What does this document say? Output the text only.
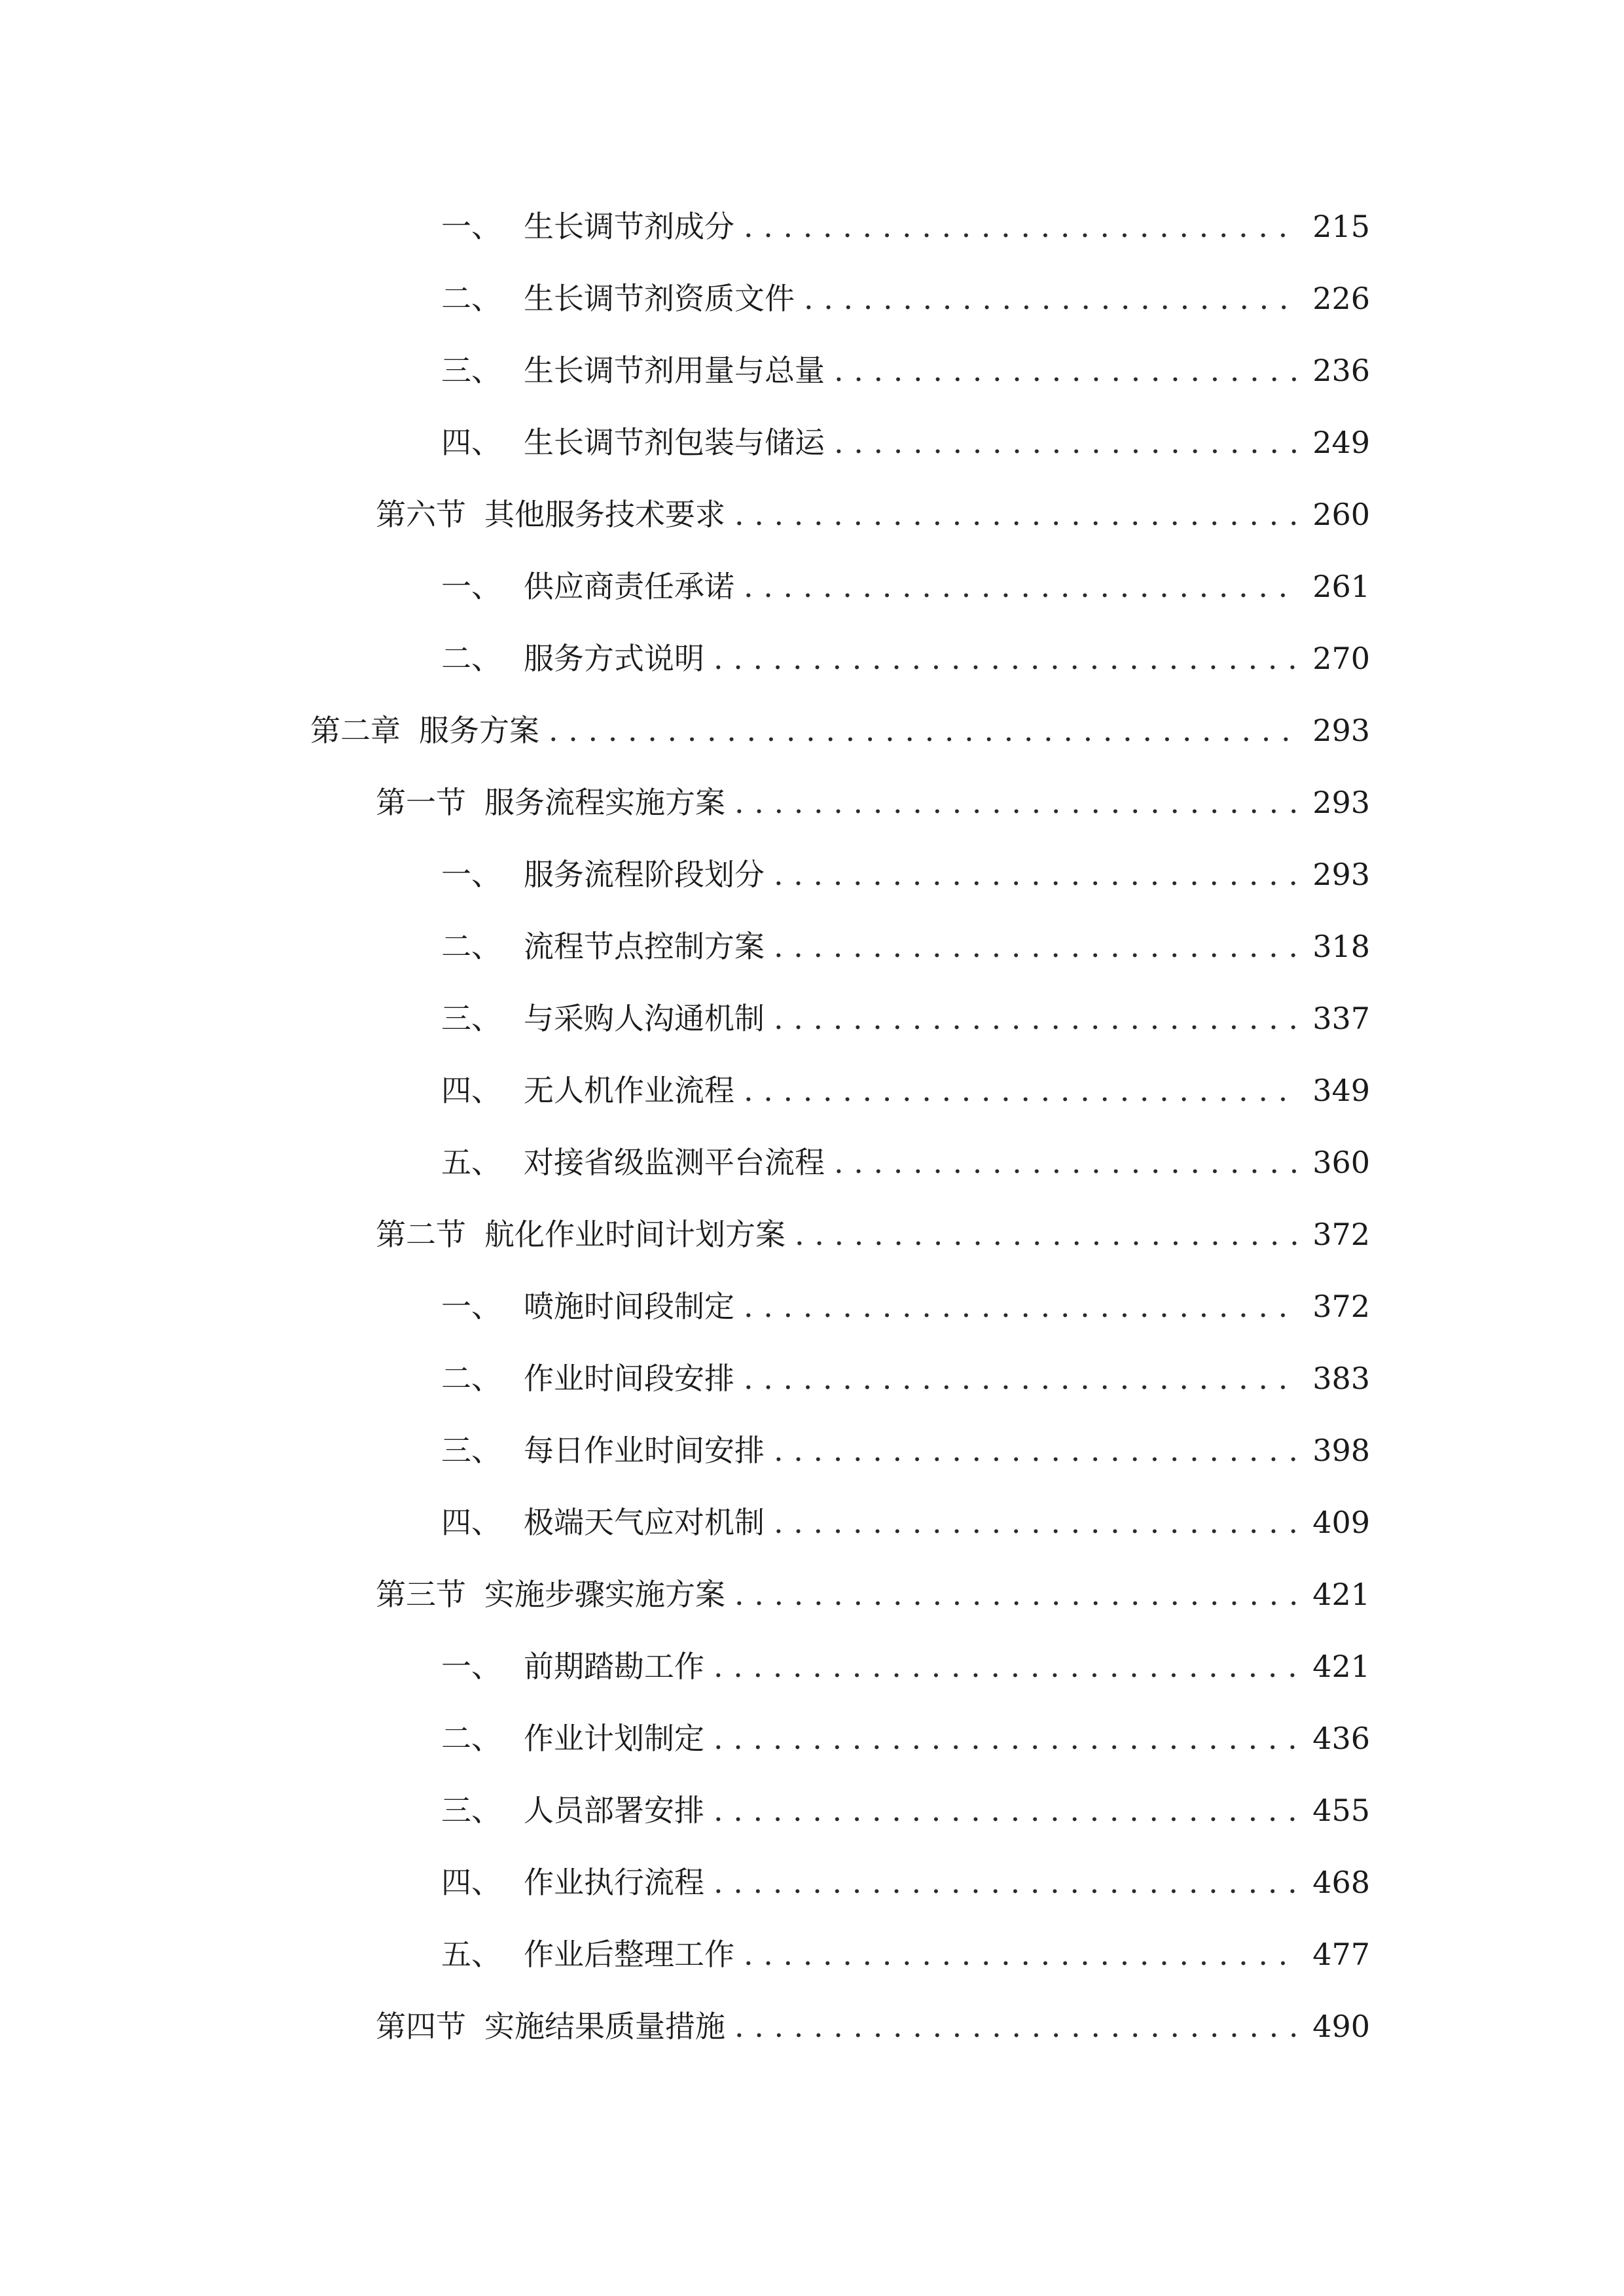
一、 生长调节剂成分 . . .	215
二、 生长调节剂资质文件 . . .	226
三、 生长调节剂用量与总量 . . .	236
四、 生长调节剂包装与储运 . . .	249
第六节 其他服务技术要求 . . .	260
一、 供应商责任承诺 . . .	261
二、 服务方式说明 . . .	270
第二章 服务方案 . . .	293
第一节 服务流程实施方案 . . .	293
一、 服务流程阶段划分 . . .	293
二、 流程节点控制方案 . . .	318
三、 与采购人沟通机制 . . .	337
四、 无人机作业流程 . . .	349
五、 对接省级监测平台流程 . . .	360
第二节 航化作业时间计划方案 . . .	372
一、 喷施时间段制定 . . .	372
二、 作业时间段安排 . . .	383
三、 每日作业时间安排 . . .	398
四、 极端天气应对机制 . . .	409
第三节 实施步骤实施方案 . . .	421
一、 前期踏勘工作 . . .	421
二、 作业计划制定 . . .	436
三、 人员部署安排 . . .	455
四、 作业执行流程 . . .	468
五、 作业后整理工作 . . .	477
第四节 实施结果质量措施 . . .	490
